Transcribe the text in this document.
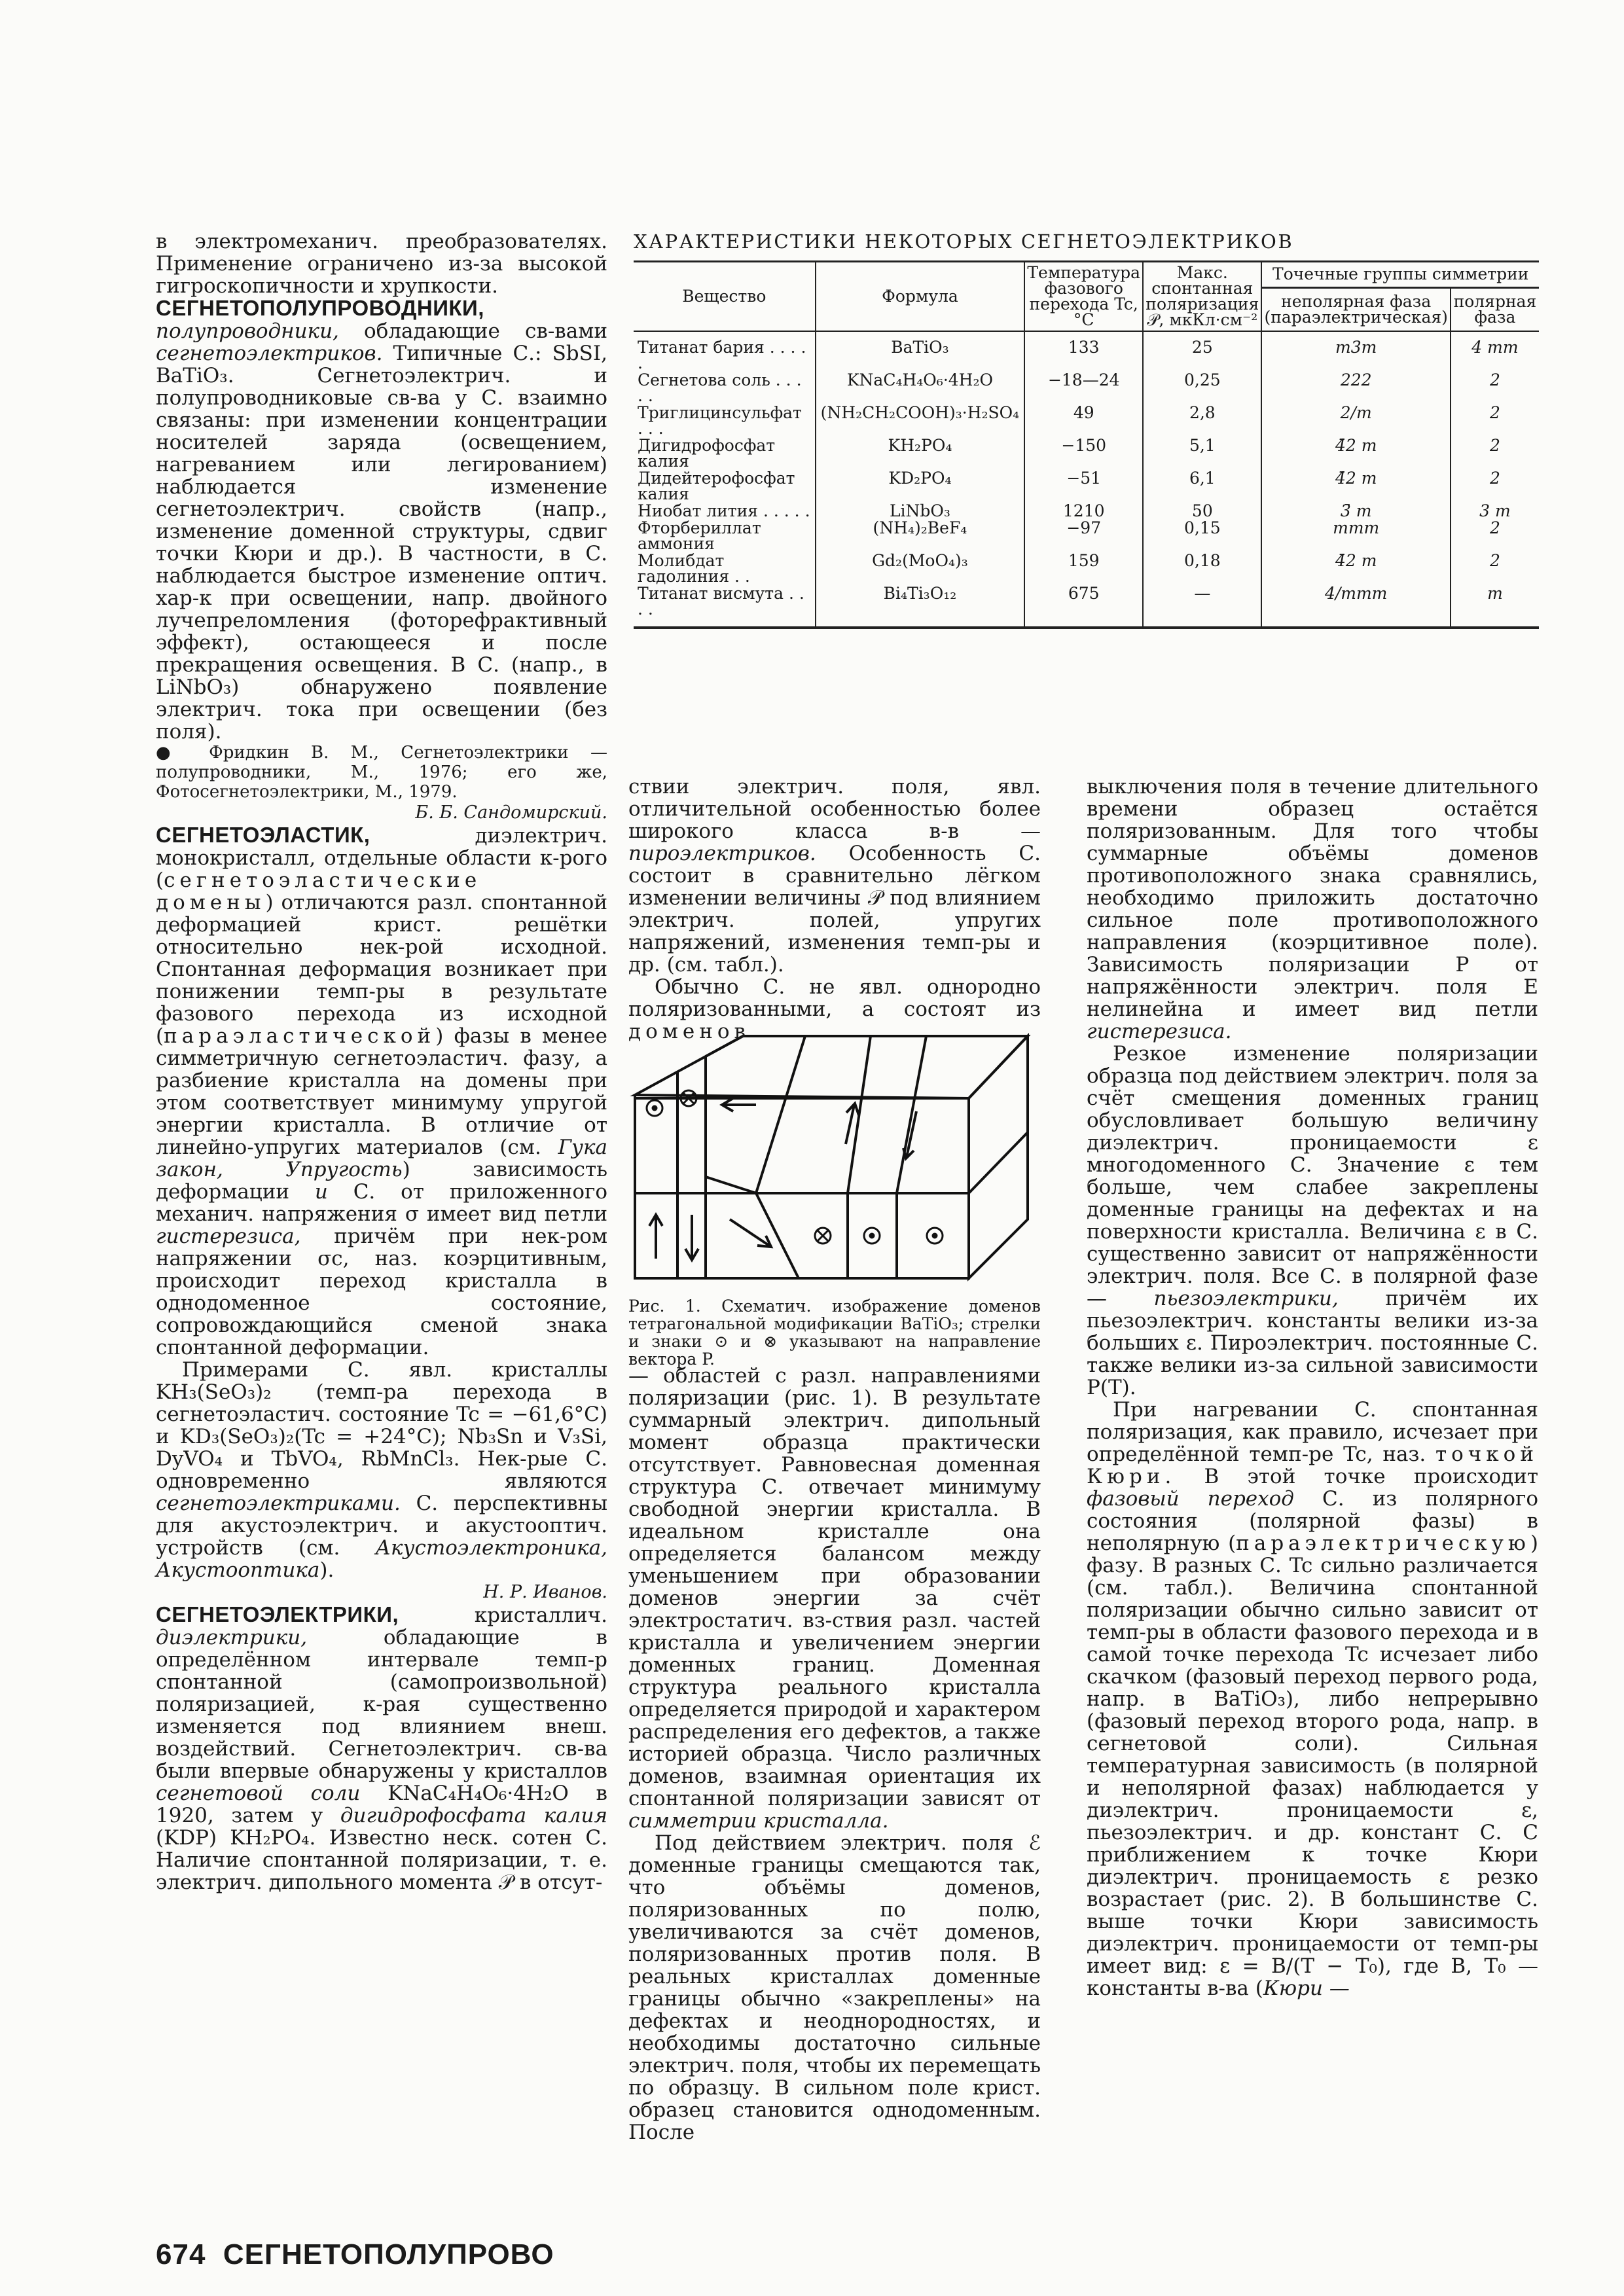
в электромеханич. преобразователях. Применение ограничено из-за высокой гигроскопичности и хрупкости.

СЕГНЕТОПОЛУПРОВОДНИКИ, полупроводники, обладающие св-вами сегнетоэлектриков. Типичные С.: SbSI, BaTiO₃. Сегнетоэлектрич. и полупроводниковые св-ва у С. взаимно связаны: при изменении концентрации носителей заряда (освещением, нагреванием или легированием) наблюдается изменение сегнетоэлектрич. свойств (напр., изменение доменной структуры, сдвиг точки Кюри и др.). В частности, в С. наблюдается быстрое изменение оптич. хар-к при освещении, напр. двойного лучепреломления (фоторефрактивный эффект), остающееся и после прекращения освещения. В С. (напр., в LiNbO₃) обнаружено появление электрич. тока при освещении (без поля).

● Фридкин В. М., Сегнетоэлектрики — полупроводники, М., 1976; его же, Фотосегнетоэлектрики, М., 1979.

Б. Б. Сандомирский.

СЕГНЕТОЭЛАСТИК,	диэлектрич. монокристалл, отдельные области к-рого (сегнетоэластические домены) отличаются разл. спонтанной деформацией крист. решётки относительно нек-рой исходной. Спонтанная деформация возникает при понижении темп-ры в результате фазового перехода из исходной (параэластической) фазы в менее симметричную сегнетоэластич. фазу, а разбиение кристалла на домены при этом соответствует минимуму упругой энергии кристалла. В отличие от линейно-упругих материалов (см. Гука закон, Упругость) зависимость деформации u С. от приложенного механич. напряжения σ имеет вид петли гистерезиса, причём при нек-ром напряжении σc, наз. коэрцитивным, происходит переход кристалла в однодоменное состояние, сопровождающийся сменой знака спонтанной деформации.

Примерами С. явл. кристаллы KH₃(SeO₃)₂ (темп-ра перехода в сегнетоэластич. состояние Tc = −61,6°С) и KD₃(SeO₃)₂(Tc = +24°С); Nb₃Sn и V₃Si, DyVO₄ и TbVO₄, RbMnCl₃. Нек-рые С. одновременно являются сегнетоэлектриками. С. перспективны для акустоэлектрич. и акустооптич. устройств (см. Акустоэлектроника, Акустооптика).

Н. Р. Иванов.

СЕГНЕТОЭЛЕКТРИКИ,	кристаллич. диэлектрики,	обладающие в определённом интервале темп-р спонтанной (самопроизвольной) поляризацией, к-рая существенно изменяется под влиянием внеш. воздействий. Сегнетоэлектрич. св-ва были впервые обнаружены у кристаллов сегнетовой соли KNaC₄H₄O₆·4H₂O в 1920, затем у дигидрофосфата калия (KDP) KH₂PO₄. Известно неск. сотен С. Наличие спонтанной поляризации, т. е. электрич. дипольного момента 𝒫 в отсут-

ХАРАКТЕРИСТИКИ НЕКОТОРЫХ СЕГНЕТОЭЛЕКТРИКОВ
Вещество	Формула	Температура фазового перехода Tc, °C	Макс. спонтанная поляризация 𝒫, мкКл·см⁻²	Точечные группы симметрии	
				неполярная фаза (параэлектрическая)	полярная фаза
Титанат бария . . . . .	BaTiO₃	133	25	m3m	4 mm
Сегнетова соль . . . . .	KNaC₄H₄O₆·4H₂O	−18—24	0,25	222	2
Триглицинсульфат . . .	(NH₂CH₂COOH)₃·H₂SO₄	49	2,8	2/m	2
Дигидрофосфат калия	KH₂PO₄	−150	5,1	4̄2 m	2
Дидейтерофосфат калия	KD₂PO₄	−51	6,1	4̄2 m	2
Ниобат лития . . . . .	LiNbO₃	1210	50	3̄ m	3 m
Фторбериллат аммония	(NH₄)₂BeF₄	−97	0,15	mmm	2
Молибдат гадолиния . .	Gd₂(MoO₄)₃	159	0,18	4̄2 m	2
Титанат висмута . . . .	Bi₄Ti₃O₁₂	675	—	4/mmm	m
Рис. 1. Схематич. изображение доменов тетрагональной модификации BaTiO₃; стрелки и знаки ⊙ и ⊗ указывают на направление вектора P.

ствии электрич. поля, явл. отличительной особенностью более широкого класса в-в — пироэлектриков. Особенность С. состоит в сравнительно лёгком изменении величины 𝒫 под влиянием электрич. полей, упругих напряжений, изменения темп-ры и др. (см. табл.).

Обычно С. не явл. однородно поляризованными, а состоят из доменов

— областей с разл. направлениями поляризации (рис. 1). В результате суммарный электрич. дипольный момент образца практически отсутствует. Равновесная доменная структура С. отвечает минимуму свободной энергии кристалла. В идеальном кристалле она определяется балансом между уменьшением при образовании доменов энергии за счёт электростатич. вз-ствия разл. частей кристалла и увеличением энергии доменных границ. Доменная структура реального кристалла определяется природой и характером распределения его дефектов, а также историей образца. Число различных доменов, взаимная ориентация их спонтанной поляризации зависят от симметрии кристалла.

Под действием электрич. поля ℰ доменные границы смещаются так, что объёмы доменов, поляризованных по полю, увеличиваются за счёт доменов, поляризованных против поля. В реальных кристаллах доменные границы обычно «закреплены» на дефектах и неоднородностях, и необходимы достаточно сильные электрич. поля, чтобы их перемещать по образцу. В сильном поле крист. образец становится однодоменным. После

выключения поля в течение длительного времени образец остаётся поляризованным. Для того чтобы суммарные объёмы доменов противоположного знака сравнялись, необходимо приложить достаточно сильное поле противоположного направления (коэрцитивное поле). Зависимость поляризации P от напряжённости электрич. поля E нелинейна и имеет вид петли гистерезиса.

Резкое изменение поляризации образца под действием электрич. поля за счёт смещения доменных границ обусловливает большую величину диэлектрич. проницаемости ε многодоменного С. Значение ε тем больше, чем слабее закреплены доменные границы на дефектах и на поверхности кристалла. Величина ε в С. существенно зависит от напряжённости электрич. поля. Все С. в полярной фазе — пьезоэлектрики, причём их пьезоэлектрич. константы велики из-за больших ε. Пироэлектрич. постоянные С. также велики из-за сильной зависимости P(T).

При нагревании С. спонтанная поляризация, как правило, исчезает при определённой темп-ре Tc, наз. точкой Кюри. В этой точке происходит фазовый переход С. из полярного состояния (полярной фазы) в неполярную (параэлектрическую) фазу. В разных С. Tc сильно различается (см. табл.). Величина спонтанной поляризации обычно сильно зависит от темп-ры в области фазового перехода и в самой точке перехода Tc исчезает либо скачком (фазовый переход первого рода, напр. в BaTiO₃), либо непрерывно (фазовый переход второго рода, напр. в сегнетовой соли). Сильная температурная зависимость (в полярной и неполярной фазах) наблюдается у диэлектрич. проницаемости ε, пьезоэлектрич. и др. констант С. С приближением к точке Кюри диэлектрич. проницаемость ε резко возрастает (рис. 2). В большинстве С. выше точки Кюри зависимость диэлектрич. проницаемости от темп-ры имеет вид: ε = B/(T − T₀), где B, T₀ — константы в-ва (Кюри —

674 СЕГНЕТОПОЛУПРОВО
